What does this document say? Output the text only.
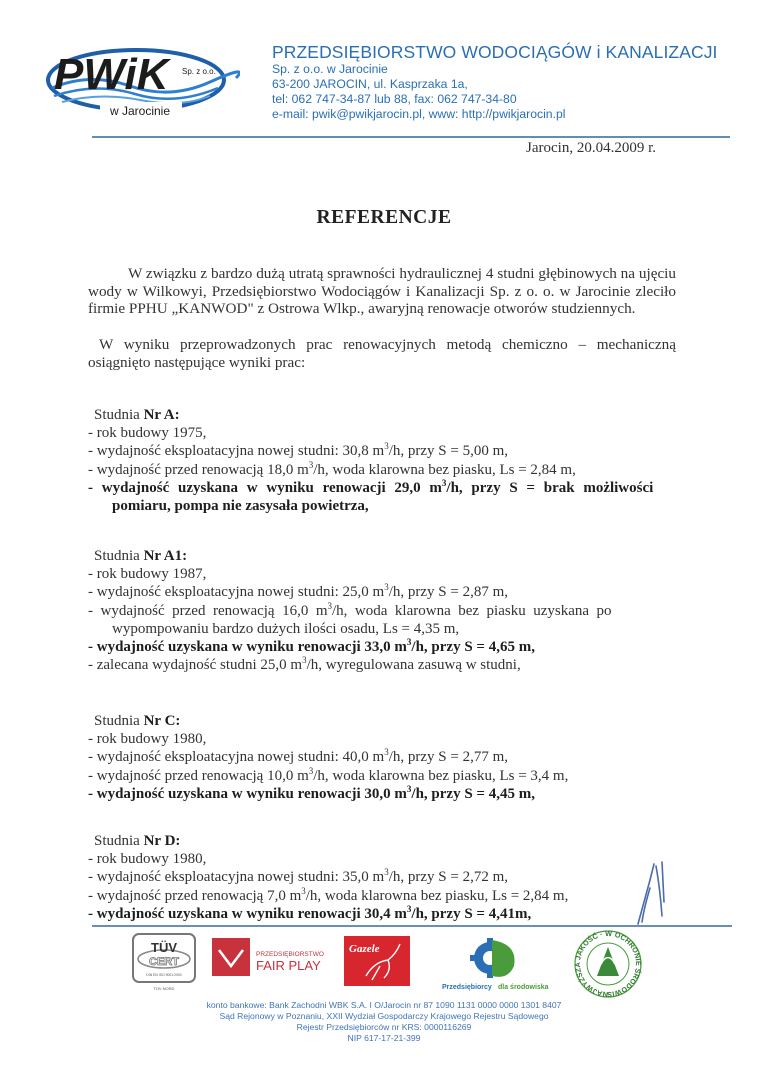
PWiK	Sp. z o.o.
w Jarocinie
PRZEDSIĘBIORSTWO WODOCIĄGÓW i KANALIZACJI
Sp. z o.o. w Jarocinie
63-200 JAROCIN, ul. Kasprzaka 1a,
tel: 062 747-34-87 lub 88, fax: 062 747-34-80
e-mail: pwik@pwikjarocin.pl, www: http://pwikjarocin.pl
Jarocin, 20.04.2009 r.
REFERENCJE
W związku z bardzo dużą utratą sprawności hydraulicznej 4 studni głębinowych na ujęciu wody w Wilkowyi, Przedsiębiorstwo Wodociągów i Kanalizacji Sp. z o. o. w Jarocinie zleciło firmie PPHU „KANWOD" z Ostrowa Wlkp., awaryjną renowacje otworów studziennych.
W wyniku przeprowadzonych prac renowacyjnych metodą chemiczno – mechaniczną osiągnięto następujące wyniki prac:
Studnia Nr A:
- rok budowy 1975,
- wydajność eksploatacyjna nowej studni: 30,8 $m^3/h$, przy S = 5,00 m,
- wydajność przed renowacją 18,0 $m^3/h$, woda klarowna bez piasku, Ls = 2,84 m,
- wydajność uzyskana w wyniku renowacji 29,0 $m^3/h$, przy S = brak możliwości
pomiaru, pompa nie zasysała powietrza,
Studnia Nr A1:
- rok budowy 1987,
- wydajność eksploatacyjna nowej studni: 25,0 $m^3/h$, przy S = 2,87 m,
-  wydajność  przed  renowacją  16,0  $m^3/h$,  woda  klarowna  bez  piasku  uzyskana  po
wypompowaniu bardzo dużych ilości osadu, Ls = 4,35 m,
- wydajność uzyskana w wyniku renowacji 33,0 $m^3/h$, przy S = 4,65 m,
- zalecana wydajność studni 25,0 $m^3/h$, wyregulowana zasuwą w studni,
Studnia Nr C:
- rok budowy 1980,
- wydajność eksploatacyjna nowej studni: 40,0 $m^3/h$, przy S = 2,77 m,
- wydajność przed renowacją 10,0 $m^3/h$, woda klarowna bez piasku, Ls = 3,4 m,
- wydajność uzyskana w wyniku renowacji 30,0 $m^3/h$, przy S = 4,45 m,
Studnia Nr D:
- rok budowy 1980,
- wydajność eksploatacyjna nowej studni: 35,0 $m^3/h$, przy S = 2,72 m,
- wydajność przed renowacją 7,0 $m^3/h$, woda klarowna bez piasku, Ls = 2,84 m,
- wydajność uzyskana w wyniku renowacji 30,4 $m^3/h$, przy S = 4,41m,
TÜV
CERT
DIN EN ISO 9001:2000
TÜV NORD
PRZEDSIĘBIORSTWO
FAIR PLAY
Gazele
Przedsiębiorcy dla środowiska
NAJWYŻSZA JAKOŚĆ · W OCHRONIE ŚRODOWIS
konto bankowe: Bank Zachodni WBK S.A. I O/Jarocin nr 87 1090 1131 0000 0000 1301 8407
Sąd Rejonowy w Poznaniu, XXII Wydział Gospodarczy Krajowego Rejestru Sądowego
Rejestr Przedsiębiorców nr KRS: 0000116269
NIP 617-17-21-399
